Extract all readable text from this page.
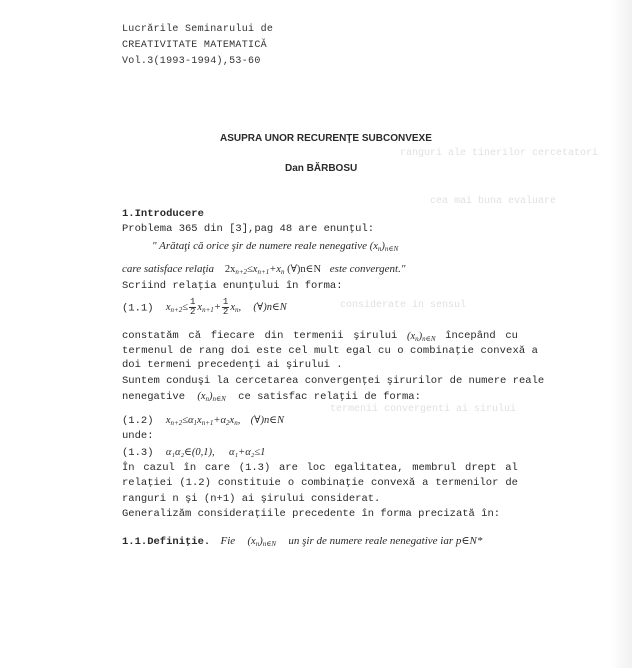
ranguri ale tinerilor cercetatori
cea mai buna evaluare
considerate in sensul
termenii convergenti ai sirului
Lucrările Seminarului de
CREATIVITATE MATEMATICĂ
Vol.3(1993-1994),53-60
ASUPRA UNOR RECURENŢE SUBCONVEXE
Dan BĂRBOSU
1.Introducere
Problema 365 din [3],pag 48 are enunţul:
" Arătaţi că orice şir de numere reale nenegative $(x_n)_{n\in N}$
care satisface relaţia $2x_{n+2}\le x_{n+1}+x_n$ (∀)n∈N este convergent."
Scriind relaţia enunţului în forma:
(1.1) $x_{n+2}\le \frac{1}{2} x_{n+1}+ \frac{1}{2} x_n$, (∀)n∈N
constatăm că fiecare din termenii şirului $(x_n)_{n\in N}$ începând cu
termenul de rang doi este cel mult egal cu o combinaţie convexă a
doi termeni precedenţi ai şirului .
Suntem conduşi la cercetarea convergenţei şirurilor de numere reale
nenegative $(x_n)_{n\in N}$ ce satisfac relaţii de forma:
(1.2) $x_{n+2}\le\alpha_1x_{n+1}+\alpha_2x_n$, (∀)n∈N
unde:
(1.3) α₁α₂∈(0,1), α₁+α₂≤1
În cazul în care (1.3) are loc egalitatea, membrul drept al
relaţiei (1.2) constituie o combinaţie convexă a termenilor de
ranguri n şi (n+1) ai şirului considerat.
Generalizăm consideraţiile precedente în forma precizată în:
1.1.Definiţie. Fie $(x_n)_{n\in N}$ un şir de numere reale nenegative iar p∈N*
